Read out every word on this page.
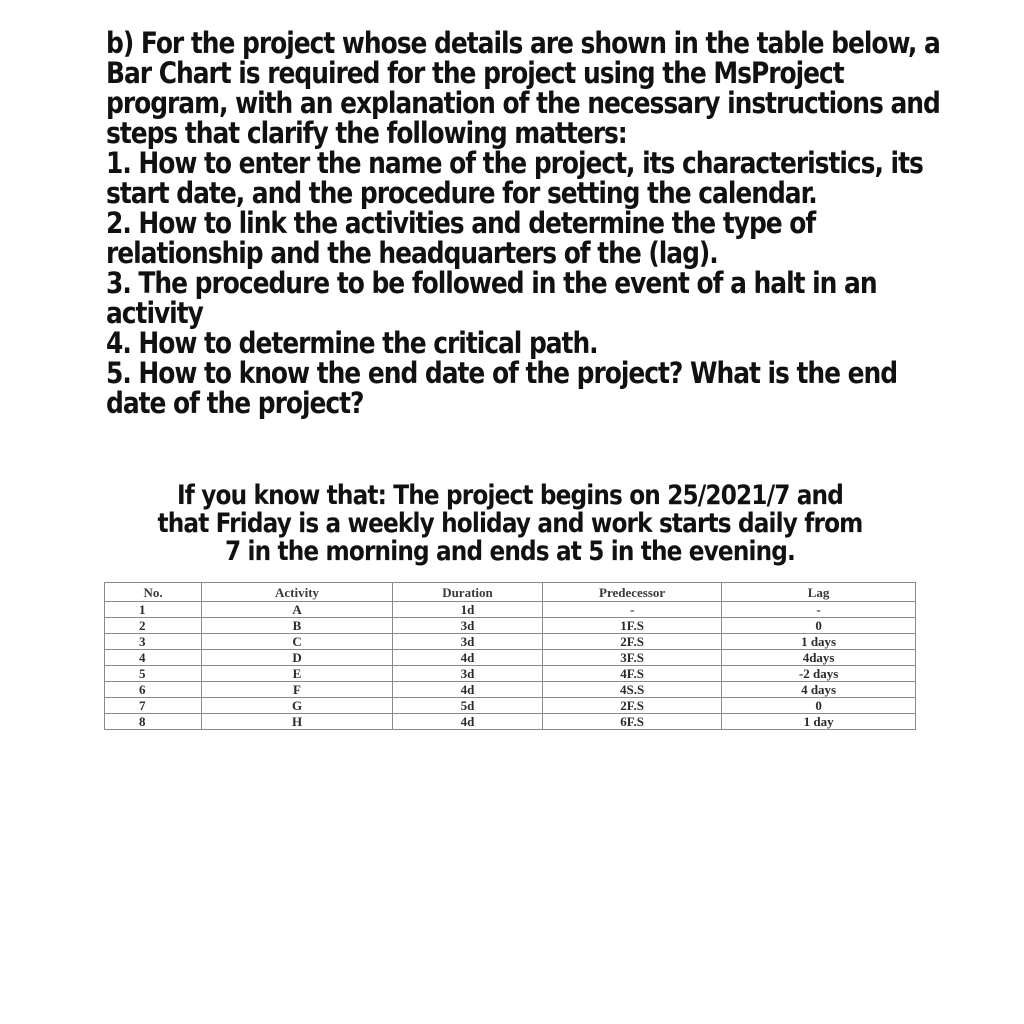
b) For the project whose details are shown in the table below, a
Bar Chart is required for the project using the MsProject
program, with an explanation of the necessary instructions and
steps that clarify the following matters:
1. How to enter the name of the project, its characteristics, its
start date, and the procedure for setting the calendar.
2. How to link the activities and determine the type of
relationship and the headquarters of the (lag).
3. The procedure to be followed in the event of a halt in an
activity
4. How to determine the critical path.
5. How to know the end date of the project? What is the end
date of the project?
If you know that: The project begins on 25/2021/7 and
that Friday is a weekly holiday and work starts daily from
7 in the morning and ends at 5 in the evening.
No.	Activity	Duration	Predecessor	Lag
1	A	1d	-	-
2	B	3d	1F.S	0
3	C	3d	2F.S	1 days
4	D	4d	3F.S	4days
5	E	3d	4F.S	-2 days
6	F	4d	4S.S	4 days
7	G	5d	2F.S	0
8	H	4d	6F.S	1 day
